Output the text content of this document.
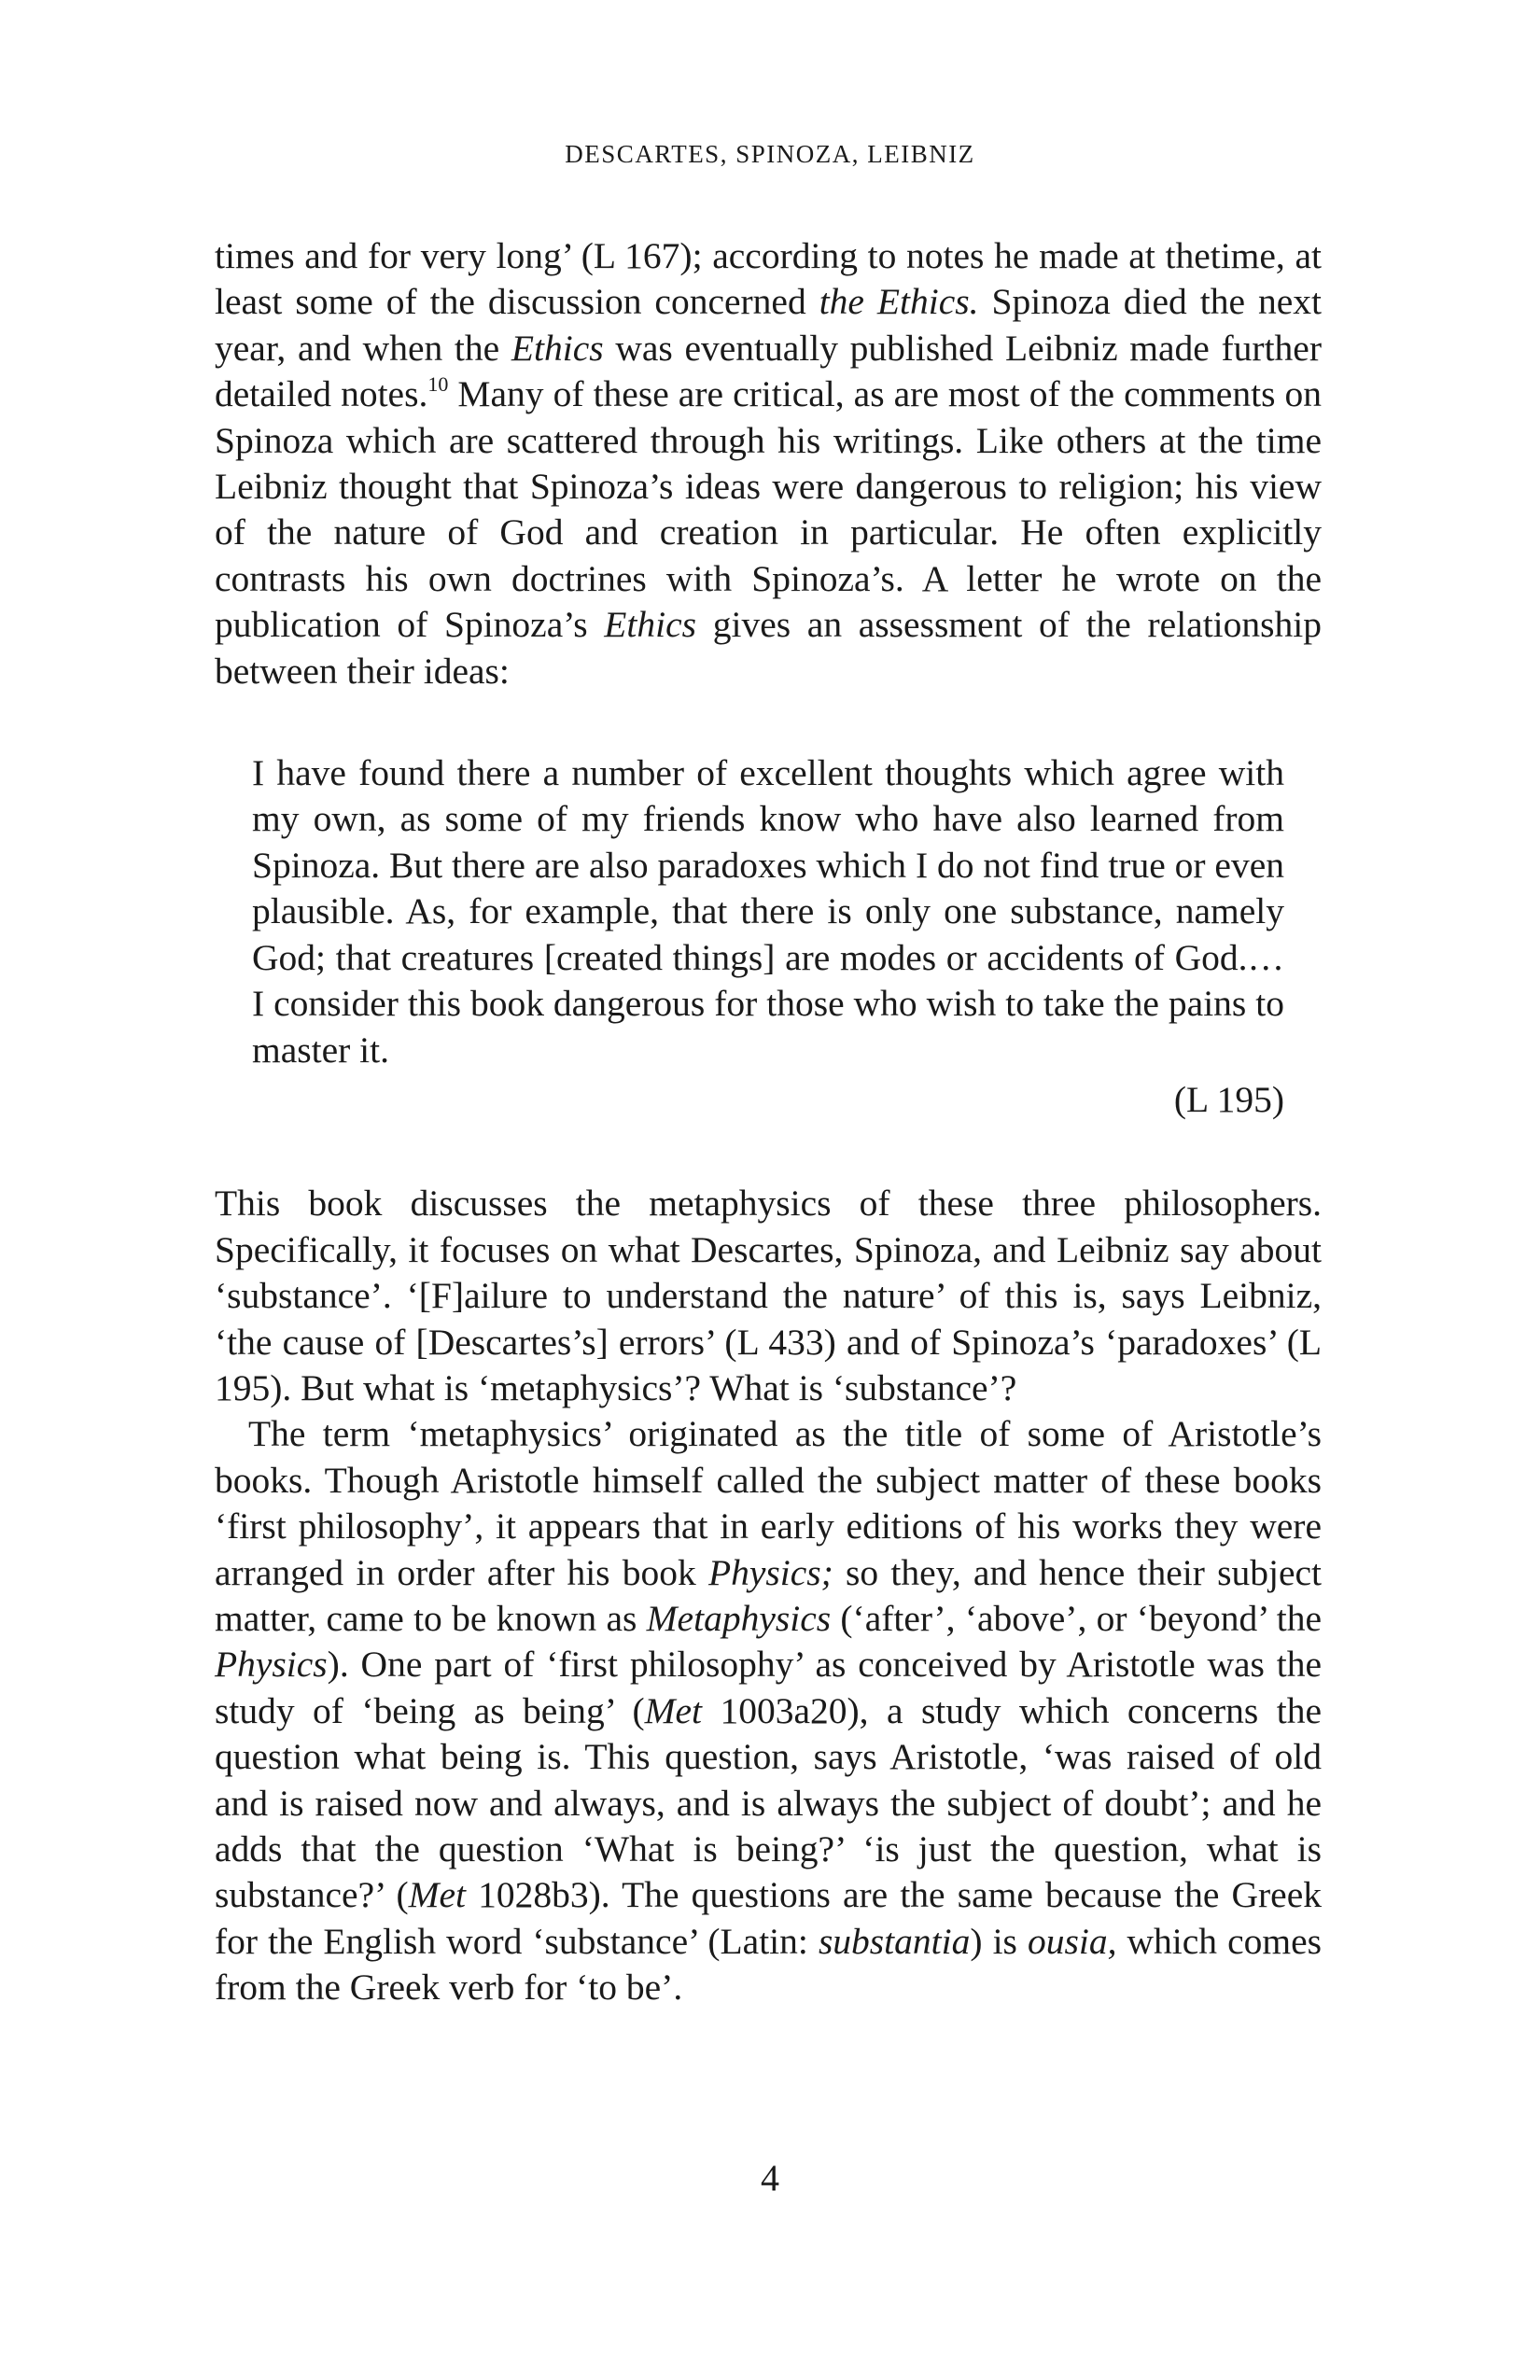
DESCARTES, SPINOZA, LEIBNIZ

times and for very long’ (L 167); according to notes he made at thetime, at least some of the discussion concerned the Ethics. Spinoza died the next year, and when the Ethics was eventually published Leibniz made further detailed notes.$^{10}$ Many of these are critical, as are most of the comments on Spinoza which are scattered through his writings. Like others at the time Leibniz thought that Spinoza’s ideas were dangerous to religion; his view of the nature of God and creation in particular. He often explicitly contrasts his own doctrines with Spinoza’s. A letter he wrote on the publication of Spinoza’s Ethics gives an assessment of the relationship between their ideas:

I have found there a number of excellent thoughts which agree with my own, as some of my friends know who have also learned from Spinoza. But there are also paradoxes which I do not find true or even plausible. As, for example, that there is only one substance, namely God; that creatures [created things] are modes or accidents of God.… I consider this book dangerous for those who wish to take the pains to master it.

(L 195)

This book discusses the metaphysics of these three philosophers. Specifically, it focuses on what Descartes, Spinoza, and Leibniz say about ‘substance’. ‘[F]ailure to understand the nature’ of this is, says Leibniz, ‘the cause of [Descartes’s] errors’ (L 433) and of Spinoza’s ‘paradoxes’ (L 195). But what is ‘metaphysics’? What is ‘substance’?

The term ‘metaphysics’ originated as the title of some of Aristotle’s books. Though Aristotle himself called the subject matter of these books ‘first philosophy’, it appears that in early editions of his works they were arranged in order after his book Physics; so they, and hence their subject matter, came to be known as Metaphysics (‘after’, ‘above’, or ‘beyond’ the Physics). One part of ‘first philosophy’ as conceived by Aristotle was the study of ‘being as being’ (Met 1003a20), a study which concerns the question what being is. This question, says Aristotle, ‘was raised of old and is raised now and always, and is always the subject of doubt’; and he adds that the question ‘What is being?’ ‘is just the question, what is substance?’ (Met 1028b3). The questions are the same because the Greek for the English word ‘substance’ (Latin: substantia) is ousia, which comes from the Greek verb for ‘to be’.

4
